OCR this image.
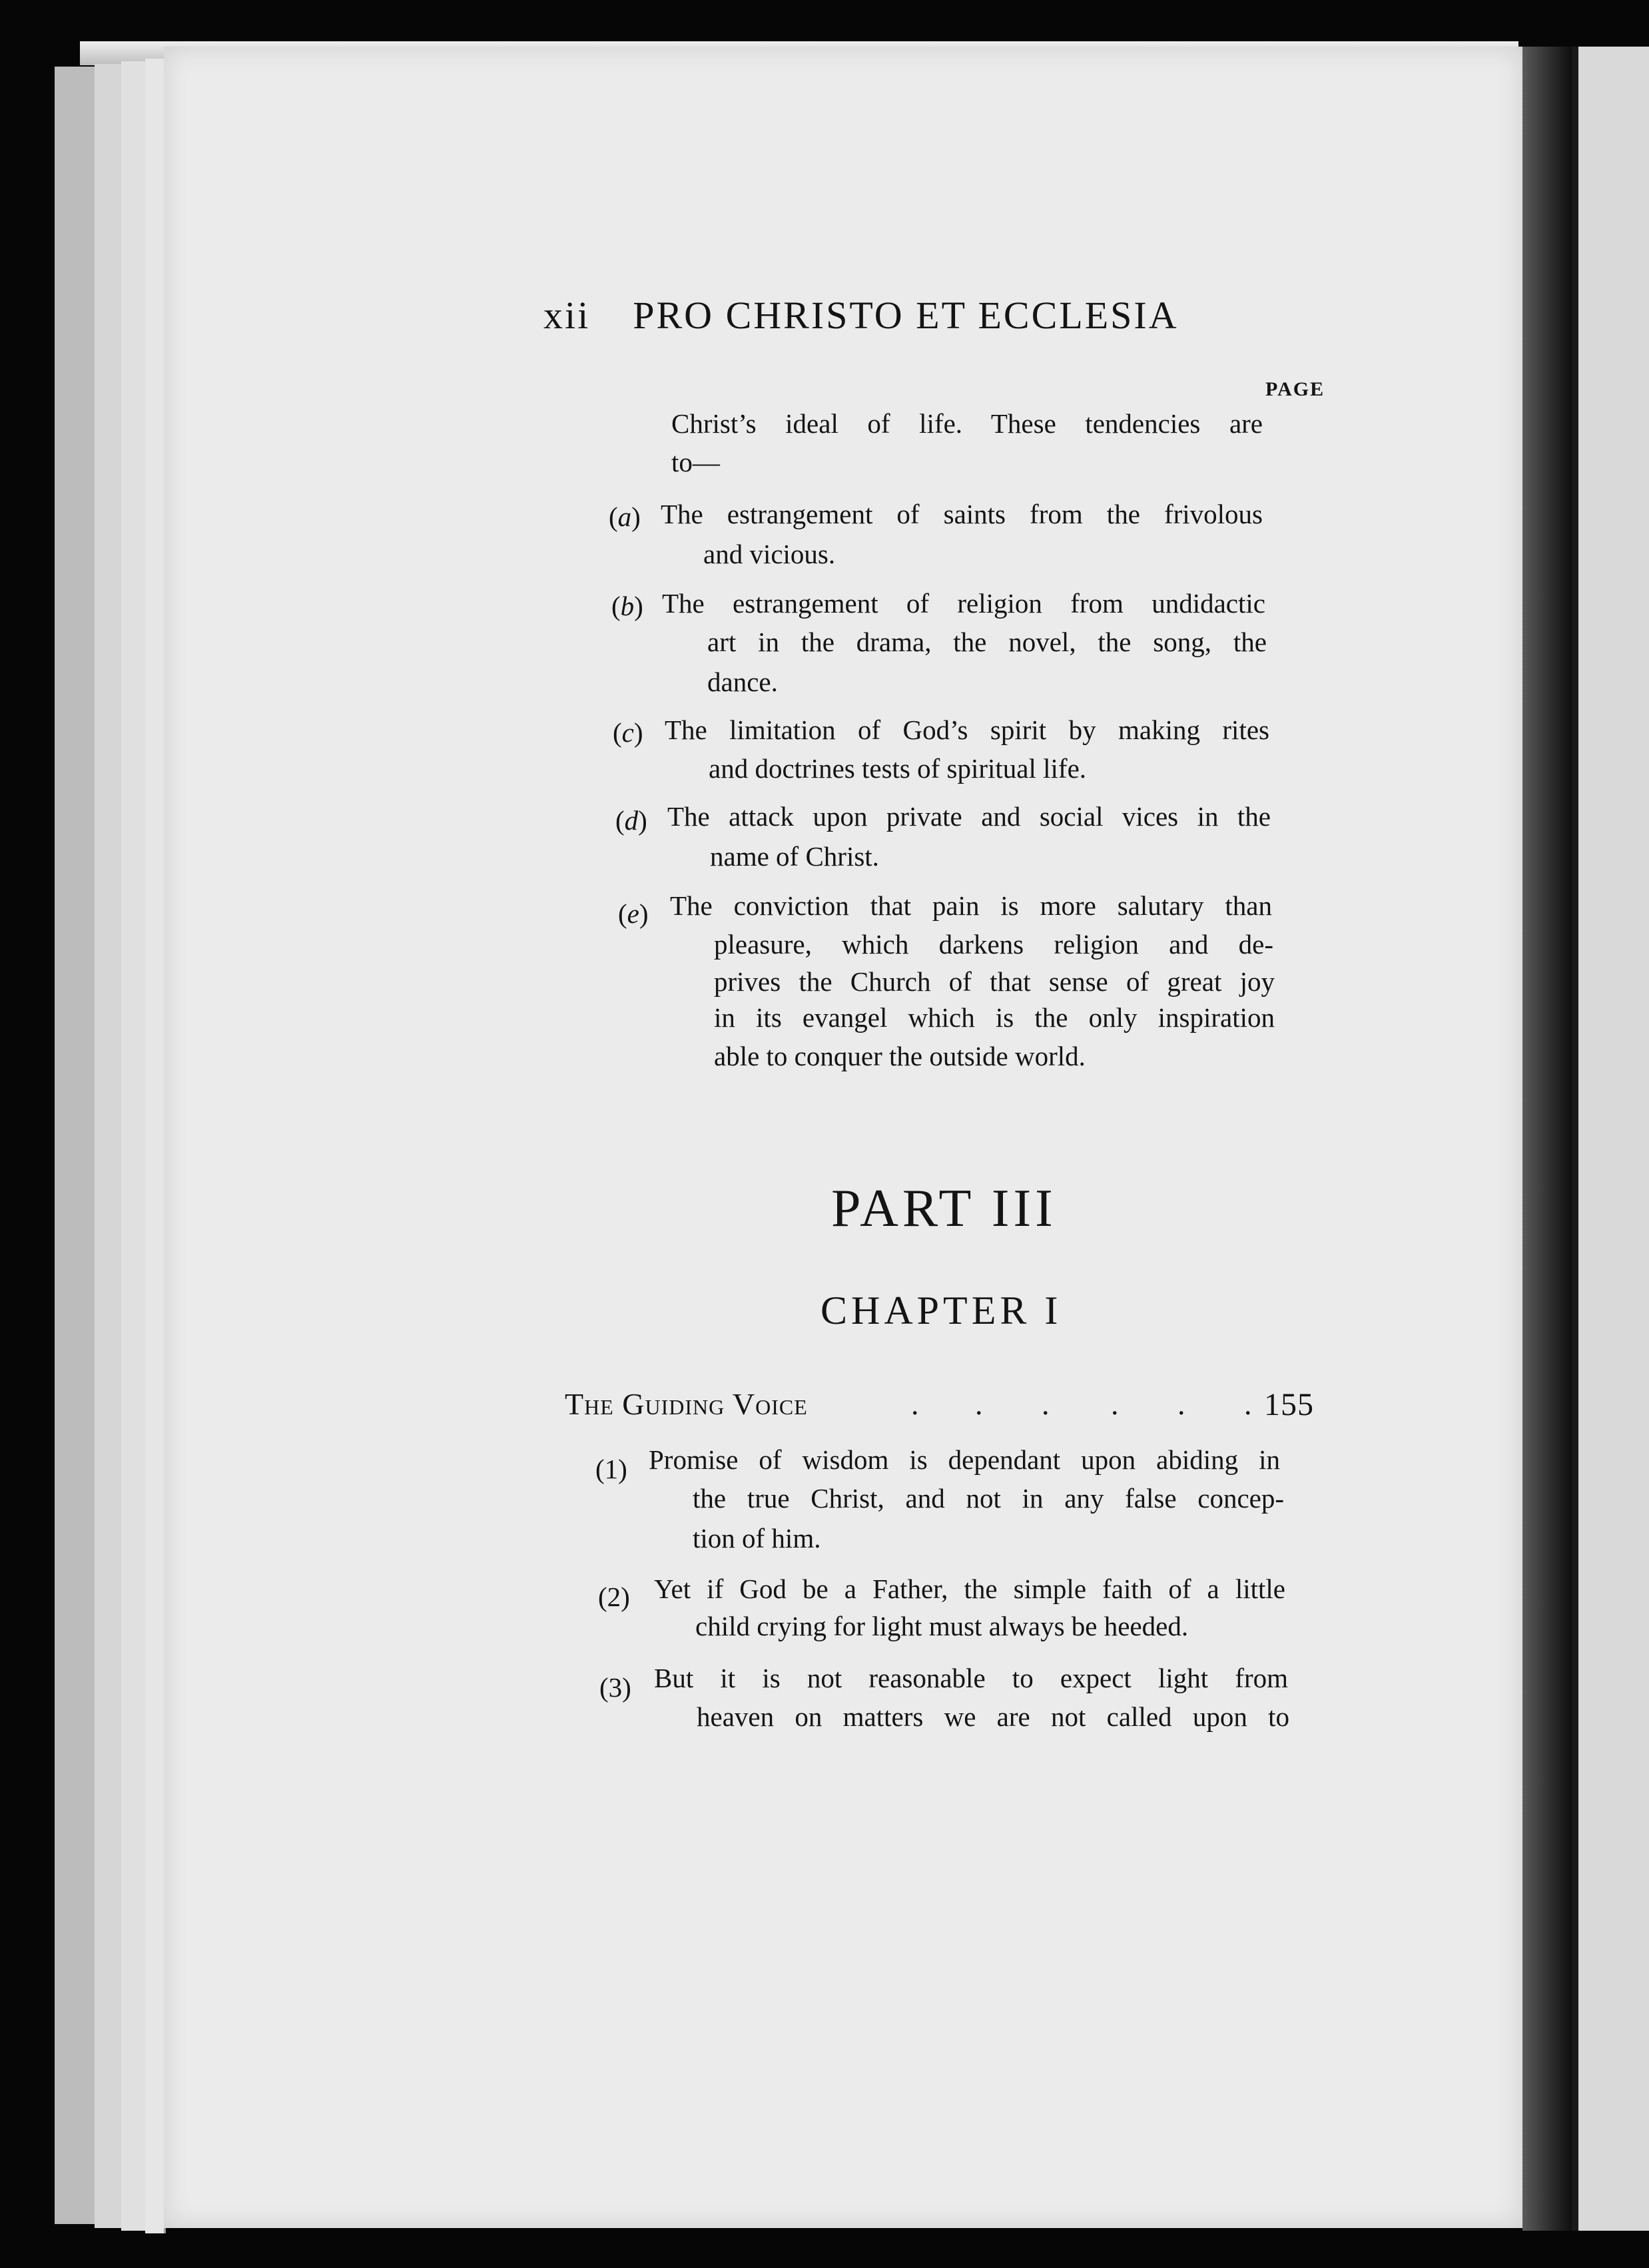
xii PRO CHRISTO ET ECCLESIA
PAGE
Christ’s ideal of life. These tendencies are
to—
(a) The estrangement of saints from the frivolous
and vicious.
(b) The estrangement of religion from undidactic
art in the drama, the novel, the song, the
dance.
(c) The limitation of God’s spirit by making rites
and doctrines tests of spiritual life.
(d) The attack upon private and social vices in the
name of Christ.
(e) The conviction that pain is more salutary than
pleasure, which darkens religion and de-
prives the Church of that sense of great joy
in its evangel which is the only inspiration
able to conquer the outside world.
PART III
CHAPTER I
The Guiding Voice	. . . . . . 155
(1) Promise of wisdom is dependant upon abiding in
the true Christ, and not in any false concep-
tion of him.
(2) Yet if God be a Father, the simple faith of a little
child crying for light must always be heeded.
(3) But it is not reasonable to expect light from
heaven on matters we are not called upon to
